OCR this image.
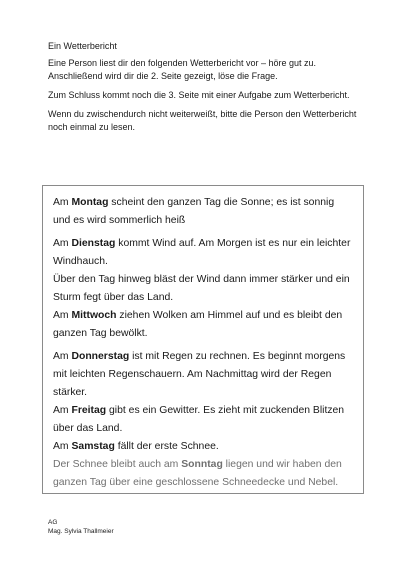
Ein Wetterbericht

Eine Person liest dir den folgenden Wetterbericht vor – höre gut zu. Anschließend wird dir die 2. Seite gezeigt, löse die Frage.

Zum Schluss kommt noch die 3. Seite mit einer Aufgabe zum Wetterbericht.

Wenn du zwischendurch nicht weiterweißt, bitte die Person den Wetterbericht noch einmal zu lesen.

Am Montag scheint den ganzen Tag die Sonne; es ist sonnig und es wird sommerlich heiß

Am Dienstag kommt Wind auf. Am Morgen ist es nur ein leichter Windhauch.

Über den Tag hinweg bläst der Wind dann immer stärker und ein Sturm fegt über das Land.

Am Mittwoch ziehen Wolken am Himmel auf und es bleibt den ganzen Tag bewölkt.

Am Donnerstag ist mit Regen zu rechnen. Es beginnt morgens mit leichten Regenschauern. Am Nachmittag wird der Regen stärker.

Am Freitag gibt es ein Gewitter. Es zieht mit zuckenden Blitzen über das Land.

Am Samstag fällt der erste Schnee.

Der Schnee bleibt auch am Sonntag liegen und wir haben den ganzen Tag über eine geschlossene Schneedecke und Nebel.

AG
Mag. Sylvia Thallmeier
